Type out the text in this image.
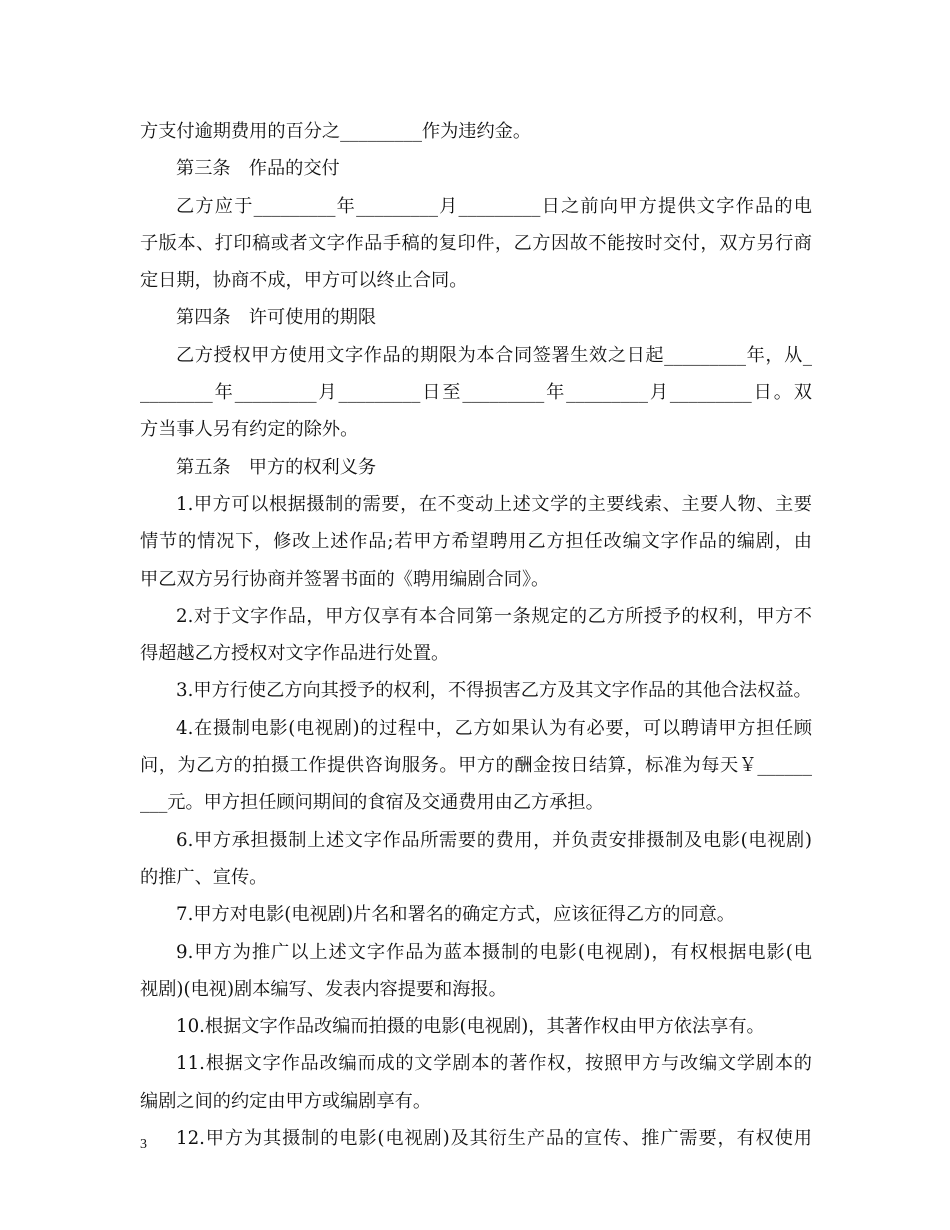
方支付逾期费用的百分之_________作为违约金。
第三条　作品的交付
乙方应于_________年_________月_________日之前向甲方提供文字作品的电
子版本、打印稿或者文字作品手稿的复印件，乙方因故不能按时交付，双方另行商
定日期，协商不成，甲方可以终止合同。
第四条　许可使用的期限
乙方授权甲方使用文字作品的期限为本合同签署生效之日起_________年，从_
________年_________月_________日至_________年_________月_________日。双
方当事人另有约定的除外。
第五条　甲方的权利义务
1.甲方可以根据摄制的需要，在不变动上述文学的主要线索、主要人物、主要
情节的情况下，修改上述作品;若甲方希望聘用乙方担任改编文字作品的编剧，由
甲乙双方另行协商并签署书面的《聘用编剧合同》。
2.对于文字作品，甲方仅享有本合同第一条规定的乙方所授予的权利，甲方不
得超越乙方授权对文字作品进行处置。
3.甲方行使乙方向其授予的权利，不得损害乙方及其文字作品的其他合法权益。
4.在摄制电影(电视剧)的过程中，乙方如果认为有必要，可以聘请甲方担任顾
问，为乙方的拍摄工作提供咨询服务。甲方的酬金按日结算，标准为每天￥______
___元。甲方担任顾问期间的食宿及交通费用由乙方承担。
6.甲方承担摄制上述文字作品所需要的费用，并负责安排摄制及电影(电视剧)
的推广、宣传。
7.甲方对电影(电视剧)片名和署名的确定方式，应该征得乙方的同意。
9.甲方为推广以上述文字作品为蓝本摄制的电影(电视剧)，有权根据电影(电
视剧)(电视)剧本编写、发表内容提要和海报。
10.根据文字作品改编而拍摄的电影(电视剧)，其著作权由甲方依法享有。
11.根据文字作品改编而成的文学剧本的著作权，按照甲方与改编文学剧本的
编剧之间的约定由甲方或编剧享有。
12.甲方为其摄制的电影(电视剧)及其衍生产品的宣传、推广需要，有权使用
3
